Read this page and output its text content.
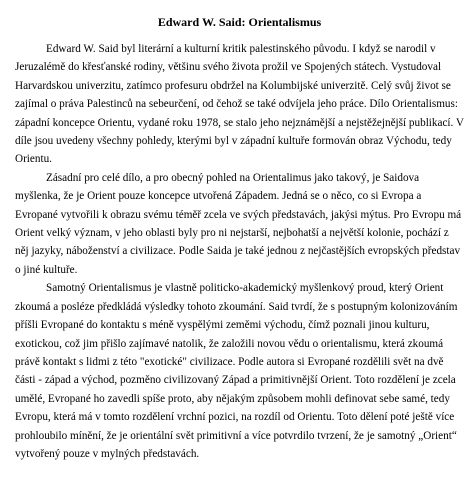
Edward W. Said: Orientalismus

Edward W. Said byl literární a kulturní kritik palestinského původu. I když se narodil v Jeruzalémě do křesťanské rodiny, většinu svého života prožil ve Spojených státech. Vystudoval Harvardskou univerzitu, zatímco profesuru obdržel na Kolumbijské univerzitě. Celý svůj život se zajímal o práva Palestinců na sebeurčení, od čehož se také odvíjela jeho práce. Dílo Orientalismus: západní koncepce Orientu, vydané roku 1978, se stalo jeho nejznámější a nejstěžejnější publikací. V díle jsou uvedeny všechny pohledy, kterými byl v západní kultuře formován obraz Východu, tedy Orientu.

Zásadní pro celé dílo, a pro obecný pohled na Orientalimus jako takový, je Saidova myšlenka, že je Orient pouze koncepce utvořená Západem. Jedná se o něco, co si Evropa a Evropané vytvořili k obrazu svému téměř zcela ve svých představách, jakýsi mýtus. Pro Evropu má Orient velký význam, v jeho oblasti byly pro ni nejstarší, nejbohatší a největší kolonie, pochází z něj jazyky, náboženství a civilizace. Podle Saida je také jednou z nejčastějších evropských představ o jiné kultuře.

Samotný Orientalismus je vlastně politicko-akademický myšlenkový proud, který Orient zkoumá a posléze předkládá výsledky tohoto zkoumání. Said tvrdí, že s postupným kolonizováním příšli Evropané do kontaktu s méně vyspělými zeměmi východu, čímž poznali jinou kulturu, exotickou, což jim přišlo zajímavé natolik, že založili novou vědu o orientalismu, která zkoumá právě kontakt s lidmi z této "exotické" civilizace. Podle autora si Evropané rozdělili svět na dvě části - západ a východ, pozměno civilizovaný Západ a primitivnější Orient. Toto rozdělení je zcela umělé, Evropané ho zavedli spíše proto, aby nějakým způsobem mohli definovat sebe samé, tedy Evropu, která má v tomto rozdělení vrchní pozici, na rozdíl od Orientu. Toto dělení poté ještě více prohloubilo mínění, že je orientální svět primitivní a více potvrdilo tvrzení, že je samotný „Orient“ vytvořený pouze v mylných představách.
